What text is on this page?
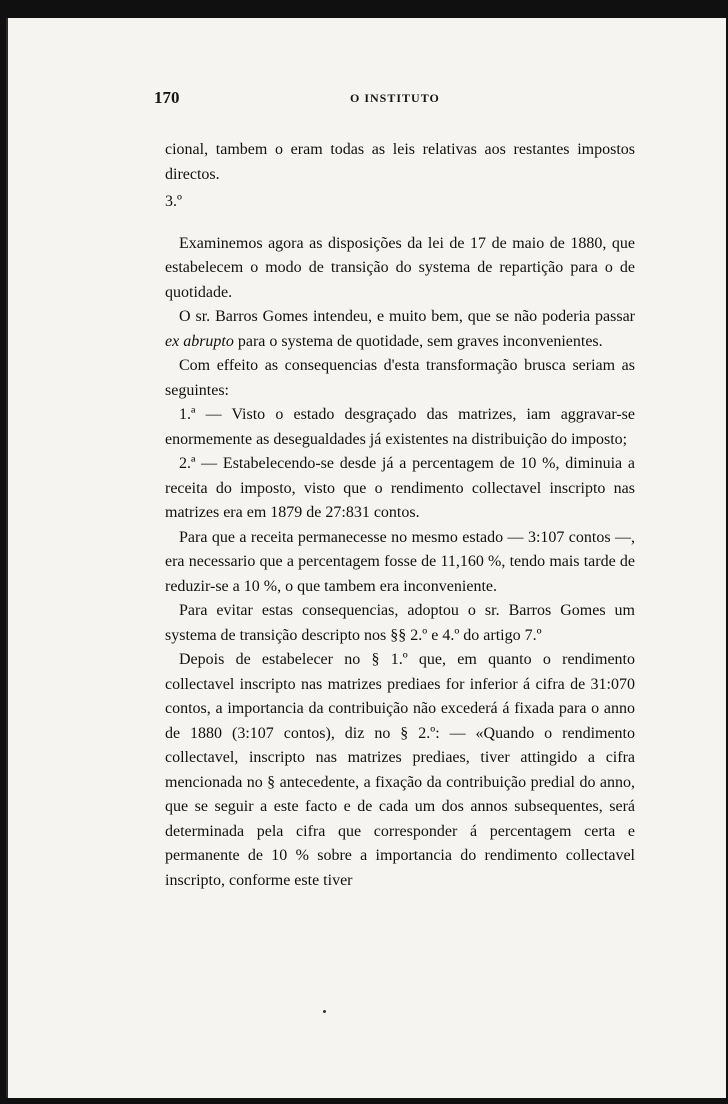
170	O INSTITUTO

cional, tambem o eram todas as leis relativas aos restantes impostos directos.

3.º

Examinemos agora as disposições da lei de 17 de maio de 1880, que estabelecem o modo de transição do systema de repartição para o de quotidade.

O sr. Barros Gomes intendeu, e muito bem, que se não poderia passar ex abrupto para o systema de quotidade, sem graves inconvenientes.

Com effeito as consequencias d'esta transformação brusca seriam as seguintes:

1.ª — Visto o estado desgraçado das matrizes, iam aggravar-se enormemente as desegualdades já existentes na distribuição do imposto;

2.ª — Estabelecendo-se desde já a percentagem de 10 %, diminuia a receita do imposto, visto que o rendimento collectavel inscripto nas matrizes era em 1879 de 27:831 contos.

Para que a receita permanecesse no mesmo estado — 3:107 contos —, era necessario que a percentagem fosse de 11,160 %, tendo mais tarde de reduzir-se a 10 %, o que tambem era inconveniente.

Para evitar estas consequencias, adoptou o sr. Barros Gomes um systema de transição descripto nos §§ 2.º e 4.º do artigo 7.º

Depois de estabelecer no § 1.º que, em quanto o rendimento collectavel inscripto nas matrizes prediaes for inferior á cifra de 31:070 contos, a importancia da contribuição não excederá á fixada para o anno de 1880 (3:107 contos), diz no § 2.º: — «Quando o rendimento collectavel, inscripto nas matrizes prediaes, tiver attingido a cifra mencionada no § antecedente, a fixação da contribuição predial do anno, que se seguir a este facto e de cada um dos annos subsequentes, será determinada pela cifra que corresponder á percentagem certa e permanente de 10 % sobre a importancia do rendimento collectavel inscripto, conforme este tiver
